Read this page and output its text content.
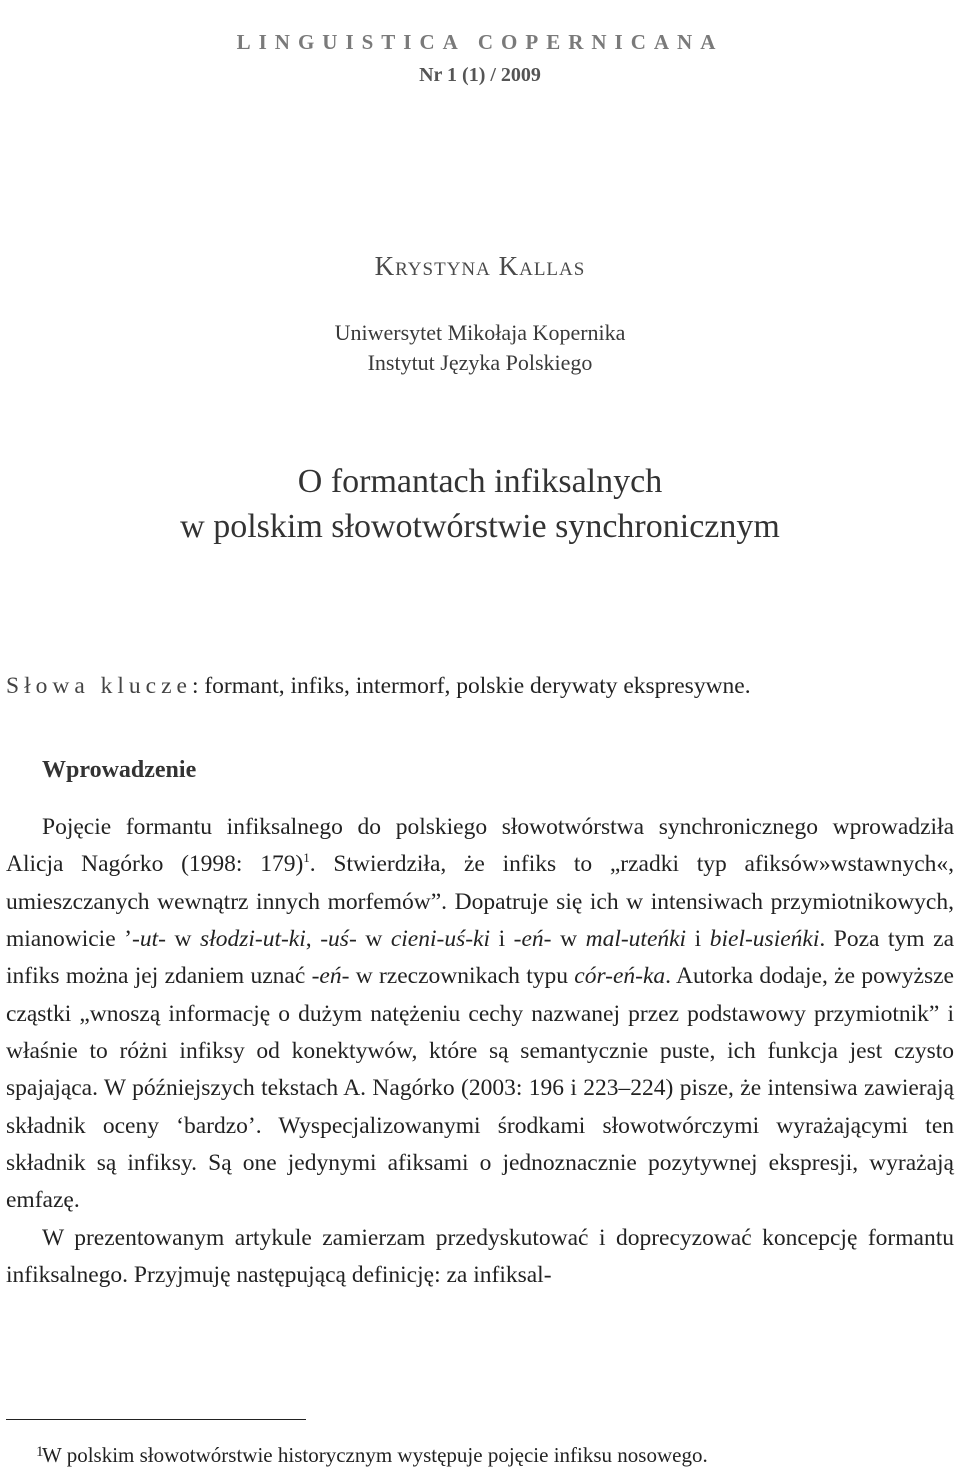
LINGUISTICA COPERNICANA
Nr 1 (1) / 2009
Krystyna Kallas
Uniwersytet Mikołaja Kopernika
Instytut Języka Polskiego
O formantach infiksalnych
w polskim słowotwórstwie synchronicznym
Słowa klucze: formant, infiks, intermorf, polskie derywaty ekspresywne.
Wprowadzenie

Pojęcie formantu infiksalnego do polskiego słowotwórstwa synchronicznego wprowadziła Alicja Nagórko (1998: 179)$^1$. Stwierdziła, że infiks to „rzadki typ afiksów»wstawnych«, umieszczanych wewnątrz innych morfemów”. Dopatruje się ich w intensiwach przymiotnikowych, mianowicie ’-ut- w słodzi-ut-ki, -uś- w cieni-uś-ki i -eń- w mal-uteńki i biel-usieńki. Poza tym za infiks można jej zdaniem uznać -eń- w rzeczownikach typu cór-eń-ka. Autorka dodaje, że powyższe cząstki „wnoszą informację o dużym natężeniu cechy nazwanej przez podstawowy przymiotnik” i właśnie to różni infiksy od konektywów, które są semantycznie puste, ich funkcja jest czysto spajająca. W późniejszych tekstach A. Nagórko (2003: 196 i 223–224) pisze, że intensiwa zawierają składnik oceny ‘bardzo’. Wyspecjalizowanymi środkami słowotwórczymi wyrażającymi ten składnik są infiksy. Są one jedynymi afiksami o jednoznacznie pozytywnej ekspresji, wyrażają emfazę.

W prezentowanym artykule zamierzam przedyskutować i doprecyzować koncepcję formantu infiksalnego. Przyjmuję następującą definicję: za infiksal-

1W polskim słowotwórstwie historycznym występuje pojęcie infiksu nosowego.
